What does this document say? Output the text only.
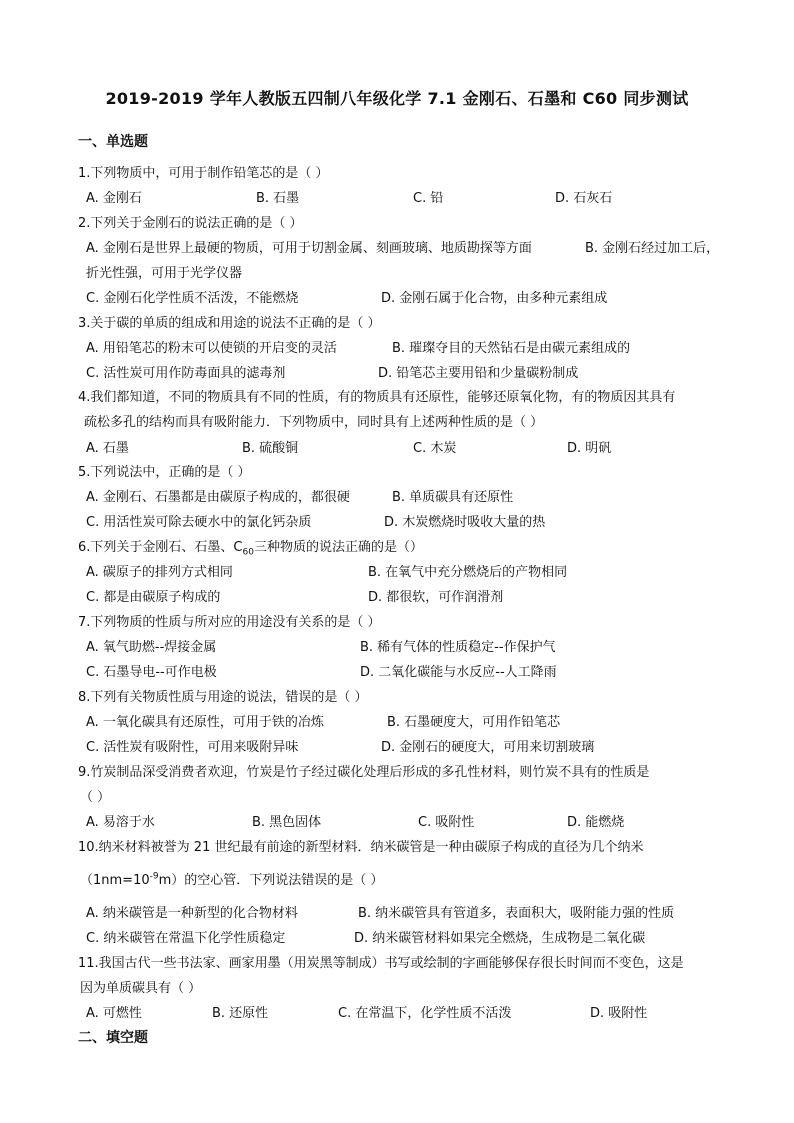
2019-2019 学年人教版五四制八年级化学 7.1 金刚石、石墨和 C60 同步测试
一、单选题
1.下列物质中，可用于制作铅笔芯的是（ ）
A. 金刚石	B. 石墨	C. 铅	D. 石灰石
2.下列关于金刚石的说法正确的是（ ）
A. 金刚石是世界上最硬的物质，可用于切割金属、刻画玻璃、地质勘探等方面	B. 金刚石经过加工后，
折光性强，可用于光学仪器
C. 金刚石化学性质不活泼，不能燃烧	D. 金刚石属于化合物，由多种元素组成
3.关于碳的单质的组成和用途的说法不正确的是（ ）
A. 用铅笔芯的粉末可以使锁的开启变的灵活	B. 璀璨夺目的天然钻石是由碳元素组成的
C. 活性炭可用作防毒面具的滤毒剂	D. 铅笔芯主要用铅和少量碳粉制成
4.我们都知道，不同的物质具有不同的性质，有的物质具有还原性，能够还原氧化物，有的物质因其具有
疏松多孔的结构而具有吸附能力．下列物质中，同时具有上述两种性质的是（ ）
A. 石墨	B. 硫酸铜	C. 木炭	D. 明矾
5.下列说法中，正确的是（ ）
A. 金刚石、石墨都是由碳原子构成的，都很硬	B. 单质碳具有还原性
C. 用活性炭可除去硬水中的氯化钙杂质	D. 木炭燃烧时吸收大量的热
6.下列关于金刚石、石墨、$C_{60}$三种物质的说法正确的是（）
A. 碳原子的排列方式相同	B. 在氧气中充分燃烧后的产物相同
C. 都是由碳原子构成的	D. 都很软，可作润滑剂
7.下列物质的性质与所对应的用途没有关系的是（ ）
A. 氧气助燃--焊接金属	B. 稀有气体的性质稳定--作保护气
C. 石墨导电--可作电极	D. 二氧化碳能与水反应--人工降雨
8.下列有关物质性质与用途的说法，错误的是（ ）
A. 一氧化碳具有还原性，可用于铁的冶炼	B. 石墨硬度大，可用作铅笔芯
C. 活性炭有吸附性，可用来吸附异味	D. 金刚石的硬度大，可用来切割玻璃
9.竹炭制品深受消费者欢迎，竹炭是竹子经过碳化处理后形成的多孔性材料，则竹炭不具有的性质是
（ ）
A. 易溶于水	B. 黑色固体	C. 吸附性	D. 能燃烧
10.纳米材料被誉为 21 世纪最有前途的新型材料．纳米碳管是一种由碳原子构成的直径为几个纳米
$(1nm=10^{-9}m)$的空心管．下列说法错误的是（ ）
A. 纳米碳管是一种新型的化合物材料	B. 纳米碳管具有管道多，表面积大，吸附能力强的性质
C. 纳米碳管在常温下化学性质稳定	D. 纳米碳管材料如果完全燃烧，生成物是二氧化碳
11.我国古代一些书法家、画家用墨（用炭黑等制成）书写或绘制的字画能够保存很长时间而不变色，这是
因为单质碳具有（ ）
A. 可燃性	B. 还原性	C. 在常温下，化学性质不活泼	D. 吸附性
二、填空题
